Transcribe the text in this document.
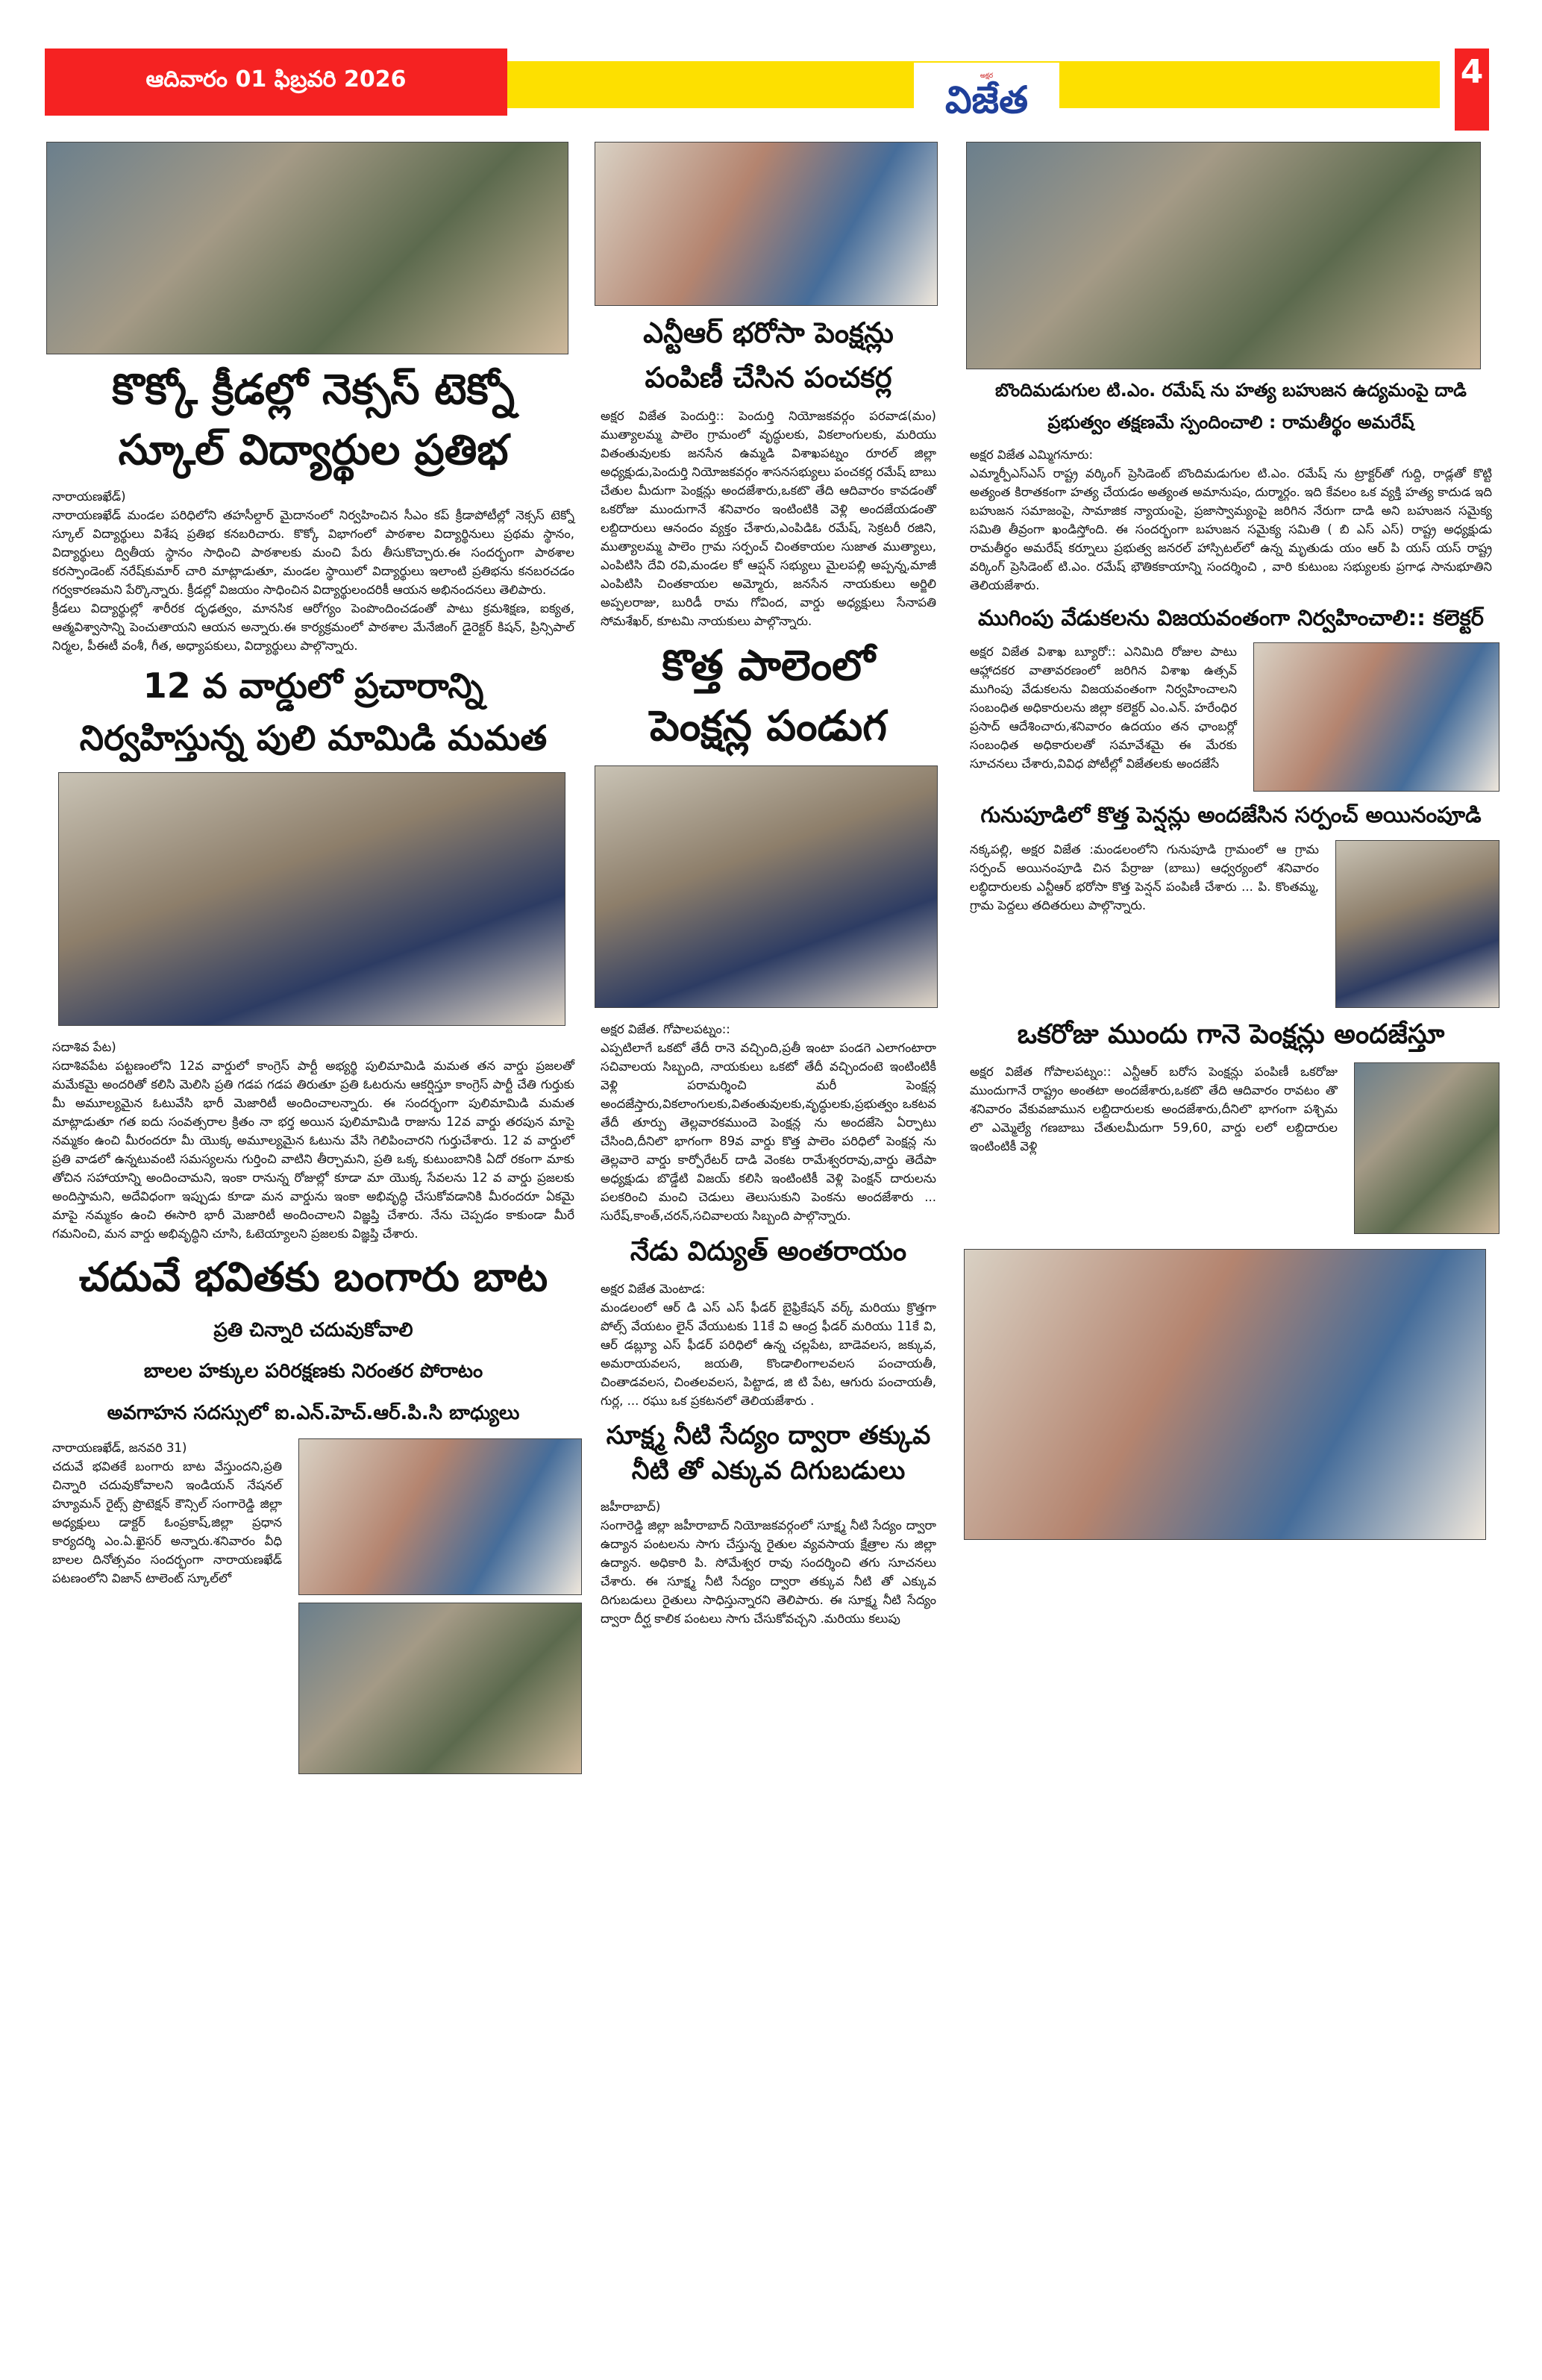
ఆదివారం 01 ఫిబ్రవరి 2026	అక్షర
విజేత
4
కొక్కో క్రీడల్లో నెక్సస్ టెక్నో
స్కూల్ విద్యార్థుల ప్రతిభ

నారాయణఖేడ్)

నారాయణఖేడ్ మండల పరిధిలోని తహసీల్దార్ మైదానంలో నిర్వహించిన సీఎం కప్ క్రీడాపోటీల్లో నెక్సస్ టెక్నో స్కూల్ విద్యార్థులు విశేష ప్రతిభ కనబరిచారు. కొక్కో విభాగంలో పాఠశాల విద్యార్థినులు ప్రథమ స్థానం, విద్యార్థులు ద్వితీయ స్థానం సాధించి పాఠశాలకు మంచి పేరు తీసుకొచ్చారు.ఈ సందర్భంగా పాఠశాల కరస్పాండెంట్ నరేష్‌కుమార్ చారి మాట్లాడుతూ, మండల స్థాయిలో విద్యార్థులు ఇలాంటి ప్రతిభను కనబరచడం గర్వకారణమని పేర్కొన్నారు. క్రీడల్లో విజయం సాధించిన విద్యార్థులందరికీ ఆయన అభినందనలు తెలిపారు.

క్రీడలు విద్యార్థుల్లో శారీరక దృఢత్వం, మానసిక ఆరోగ్యం పెంపొందించడంతో పాటు క్రమశిక్షణ, ఐక్యత, ఆత్మవిశ్వాసాన్ని పెంచుతాయని ఆయన అన్నారు.ఈ కార్యక్రమంలో పాఠశాల మేనేజింగ్ డైరెక్టర్ కిషన్, ప్రిన్సిపాల్ నిర్మల, పీఈటీ వంశీ, గీత, అధ్యాపకులు, విద్యార్థులు పాల్గొన్నారు.

12 వ వార్డులో ప్రచారాన్ని
నిర్వహిస్తున్న పులి మామిడి మమత

సదాశివ పేట)

సదాశివపేట పట్టణంలోని 12వ వార్డులో కాంగ్రెస్ పార్టీ అభ్యర్థి పులిమామిడి మమత తన వార్డు ప్రజలతో మమేకమై అందరితో కలిసి మెలిసి ప్రతి గడప గడప తిరుతూ ప్రతి ఓటరును ఆకర్షిస్తూ కాంగ్రెస్ పార్టీ చేతి గుర్తుకు మీ అమూల్యమైన ఓటువేసి భారీ మెజారిటీ అందించాలన్నారు. ఈ సందర్భంగా పులిమామిడి మమత మాట్లాడుతూ గత ఐదు సంవత్సరాల క్రితం నా భర్త అయిన పులిమామిడి రాజును 12వ వార్డు తరపున మాపై నమ్మకం ఉంచి మీరందరూ మీ యొక్క అమూల్యమైన ఓటును వేసి గెలిపించారని గుర్తుచేశారు. 12 వ వార్డులో ప్రతి వాడలో ఉన్నటువంటి సమస్యలను గుర్తించి వాటిని తీర్చామని, ప్రతి ఒక్క కుటుంబానికి ఏదో రకంగా మాకు తోచిన సహాయాన్ని అందించామని, ఇంకా రానున్న రోజుల్లో కూడా మా యొక్క సేవలను 12 వ వార్డు ప్రజలకు అందిస్తామని, అదేవిధంగా ఇప్పుడు కూడా మన వార్డును ఇంకా అభివృద్ధి చేసుకోవడానికి మీరందరూ ఏకమై మాపై నమ్మకం ఉంచి ఈసారి భారీ మెజారిటీ అందించాలని విజ్ఞప్తి చేశారు. నేను చెప్పడం కాకుండా మీరే గమనించి, మన వార్డు అభివృద్ధిని చూసి, ఓటెయ్యాలని ప్రజలకు విజ్ఞప్తి చేశారు.

చదువే భవితకు బంగారు బాట
ప్రతి చిన్నారి చదువుకోవాలి
బాలల హక్కుల పరిరక్షణకు నిరంతర పోరాటం
అవగాహన సదస్సులో ఐ.ఎన్.హెచ్.ఆర్.పి.సి బాధ్యులు

నారాయణఖేడ్, జనవరి 31)

చదువే భవితకే బంగారు బాట వేస్తుందని,ప్రతి చిన్నారి చదువుకోవాలని ఇండియన్ నేషనల్ హ్యూమన్ రైట్స్ ప్రొటెక్షన్ కౌన్సిల్ సంగారెడ్డి జిల్లా అధ్యక్షులు డాక్టర్ ఓంప్రకాష్,జిల్లా ప్రధాన కార్యదర్శి ఎం.ఏ.ఖైసర్ అన్నారు.శనివారం వీధి బాలల దినోత్సవం సందర్భంగా నారాయణఖేడ్ పటణంలోని విజాన్ టాలెంట్ స్కూల్‌లో

ఎన్టీఆర్ భరోసా పెంక్షన్లు
పంపిణీ చేసిన పంచకర్ల

అక్షర విజేత పెందుర్తి:: పెందుర్తి నియోజకవర్గం పరవాడ(మం) ముత్యాలమ్మ పాలెం గ్రామంలో వృద్ధులకు, వికలాంగులకు, మరియు వితంతువులకు జనసేన ఉమ్మడి విశాఖపట్నం రూరల్ జిల్లా అధ్యక్షుడు,పెందుర్తి నియోజకవర్గం శాసనసభ్యులు పంచకర్ల రమేష్ బాబు చేతుల మీదుగా పెంక్షన్లు అందజేశారు,ఒకటొ తేది ఆదివారం కావడంతో ఒకరోజు ముందుగానే శనివారం ఇంటింటికి వెళ్లి అందజేయడంతొ లబ్దిదారులు ఆనందం వ్యక్తం చేశారు,ఎంపిడిఓ రమేష్, సెక్రటరీ రజిని, ముత్యాలమ్మ పాలెం గ్రామ సర్పంచ్ చింతకాయల సుజాత ముత్యాలు, ఎంపిటిసి దేవి రవి,మండల కో ఆప్షన్ సభ్యులు మైలపల్లి అప్పన్న,మాజీ ఎంపిటిసి చింతకాయల అమ్మోరు, జనసేన నాయకులు అర్జిలి అప్పలరాజు, బురిడీ రామ గోవింద, వార్డు అధ్యక్షులు సేనాపతి సోమశేఖర్, కూటమి నాయకులు పాల్గొన్నారు.

కొత్త పాలెంలో
పెంక్షన్ల పండుగ

అక్షర విజేత. గోపాలపట్నం::

ఎప్పటిలాగే ఒకటో తేదీ రానె వచ్చింది,ప్రతీ ఇంటా పండగె ఎలాగంటారా సచివాలయ సిబ్బంది, నాయకులు ఒకటో తేదీ వచ్చిందంటె ఇంటింటికీ వెళ్లి పరామర్శించి మరీ పెంక్షన్ల అందజేస్తారు,వికలాంగులకు,వితంతువులకు,వృద్ధులకు,ప్రభుత్వం ఒకటవ తేదీ తూర్పు తెల్లవారకముందె పెంక్షన్ల ను అందజేసె ఏర్పాటు చేసింది,దీనిలొ భాగంగా 89వ వార్డు కొత్త పాలెం పరిధిలో పెంక్షన్ల ను తెల్లవారె వార్డు కార్పోరేటర్ దాడి వెంకట రామేశ్వరరావు,వార్డు తెదేపా అధ్యక్షుడు బొడ్డేటి విజయ్ కలిసి ఇంటింటికీ వెళ్లి పెంక్షన్ దారులను పలకరించి మంచి చెడులు తెలుసుకుని పెంకను అందజేశారు ... సురేష్,కాంత్,చరన్,సచివాలయ సిబ్బంది పాల్గొన్నారు.

నేడు విద్యుత్ అంతరాయం

అక్షర విజేత మెంటాడ:

మండలంలో ఆర్ డి ఎస్ ఎస్ ఫీడర్ బైఫ్రికేషన్ వర్క్ మరియు క్రొత్తగా పోల్స్ వేయటం లైన్ వేయుటకు 11కే వి ఆంద్ర ఫీడర్ మరియు 11కే వి, ఆర్ డబ్ల్యూ ఎస్ ఫీడర్ పరిధిలో ఉన్న చల్లపేట, బాడెవలస, జక్కువ, అమరాయవలస, జయతి, కొండాలింగాలవలస పంచాయతీ, చింతాడవలస, చింతలవలస, పిట్టాడ, జి టి పేట, ఆగురు పంచాయతీ, గుర్ల, ... రఘు ఒక ప్రకటనలో తెలియజేశారు .

సూక్ష్మ నీటి సేద్యం ద్వారా తక్కువ
నీటి తో ఎక్కువ దిగుబడులు

జహీరాబాద్)

సంగారెడ్డి జిల్లా జహీరాబాద్ నియోజకవర్గంలో సూక్ష్మ నీటి సేద్యం ద్వారా ఉద్యాన పంటలను సాగు చేస్తున్న రైతుల వ్యవసాయ క్షేత్రాల ను జిల్లా ఉద్యాన. అధికారి పి. సోమేశ్వర రావు సందర్శించి తగు సూచనలు చేశారు. ఈ సూక్ష్మ నీటి సేద్యం ద్వారా తక్కువ నీటి తో ఎక్కువ దిగుబడులు రైతులు సాధిస్తున్నారని తెలిపారు. ఈ సూక్ష్మ నీటి సేద్యం ద్వారా దీర్ఘ కాలిక పంటలు సాగు చేసుకోవచ్చని .మరియు కలుపు

బొందిమడుగుల టి.ఎం. రమేష్ ను హత్య బహుజన ఉద్యమంపై దాడి
ప్రభుత్వం తక్షణమే స్పందించాలి : రామతీర్థం అమరేష్

అక్షర విజేత ఎమ్మిగనూరు:

ఎమ్మార్పీఎస్ఎస్ రాష్ట్ర వర్కింగ్ ప్రెసిడెంట్ బొందిమడుగుల టి.ఎం. రమేష్ ను ట్రాక్టర్‌తో గుద్ది, రాడ్లతో కొట్టి అత్యంత కిరాతకంగా హత్య చేయడం అత్యంత అమానుషం, దుర్మార్గం. ఇది కేవలం ఒక వ్యక్తి హత్య కాదుడ ఇది బహుజన సమాజంపై, సామాజిక న్యాయంపై, ప్రజాస్వామ్యంపై జరిగిన నేరుగా దాడి అని బహుజన సమైక్య సమితి తీవ్రంగా ఖండిస్తోంది. ఈ సందర్భంగా బహుజన సమైక్య సమితి ( బి ఎస్ ఎస్) రాష్ట్ర అధ్యక్షుడు రామతీర్థం అమరేష్ కర్నూలు ప్రభుత్వ జనరల్ హాస్పిటల్‌లో ఉన్న మృతుడు యం ఆర్ పి యస్ యస్ రాష్ట్ర వర్కింగ్ ప్రెసిడెంట్ టి.ఎం. రమేష్ భౌతికకాయాన్ని సందర్శించి , వారి కుటుంబ సభ్యులకు ప్రగాఢ సానుభూతిని తెలియజేశారు.

ముగింపు వేడుకలను విజయవంతంగా నిర్వహించాలి:: కలెక్టర్

అక్షర విజేత విశాఖ బ్యూరో:: ఎనిమిది రోజుల పాటు ఆహ్లాదకర వాతావరణంలో జరిగిన విశాఖ ఉత్సవ్ ముగింపు వేడుకలను విజయవంతంగా నిర్వహించాలని సంబంధిత అధికారులను జిల్లా కలెక్టర్ ఎం.ఎన్. హరేంధిర ప్రసాద్ ఆదేశించారు,శనివారం ఉదయం తన ఛాంబర్లో సంబంధిత అధికారులతో సమావేశమై ఈ మేరకు సూచనలు చేశారు,వివిధ పోటీల్లో విజేతలకు అందజేసే

గునుపూడిలో కొత్త పెన్షన్లు అందజేసిన సర్పంచ్ అయినంపూడి

నక్కపల్లి, అక్షర విజేత :మండలంలోని గునుపూడి గ్రామంలో ఆ గ్రామ సర్పంచ్ అయినంపూడి చిన పేర్రాజు (బాబు) ఆధ్వర్యంలో శనివారం లబ్ధిదారులకు ఎన్టీఆర్ భరోసా కొత్త పెన్షన్ పంపిణీ చేశారు ... పి. కొంతమ్మ, గ్రామ పెద్దలు తదితరులు పాల్గొన్నారు.

ఒకరోజు ముందు గానె పెంక్షన్లు అందజేస్తూ

అక్షర విజేత గోపాలపట్నం:: ఎన్టీఆర్ బరోస పెంక్షన్లు పంపిణీ ఒకరోజు ముందుగానే రాష్ట్రం అంతటా అందజేశారు,ఒకటొ తేది ఆదివారం రావటం తొ శనివారం వేకువజామున లబ్దిదారులకు అందజేశారు,దీనిలొ భాగంగా పశ్చిమ లొ ఎమ్మెల్యే గణబాబు చేతులమీదుగా 59,60, వార్డు లలో లబ్దిదారుల ఇంటింటికీ వెళ్లి
